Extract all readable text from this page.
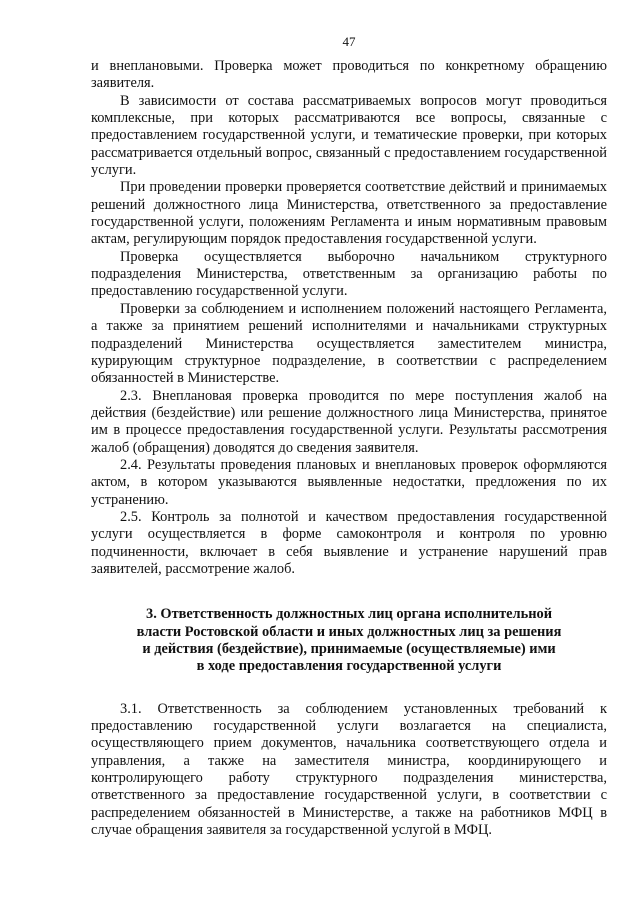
47

и внеплановыми. Проверка может проводиться по конкретному обращению заявителя.

В зависимости от состава рассматриваемых вопросов могут проводиться комплексные, при которых рассматриваются все вопросы, связанные с предоставлением государственной услуги, и тематические проверки, при которых рассматривается отдельный вопрос, связанный с предоставлением государственной услуги.

При проведении проверки проверяется соответствие действий и принимаемых решений должностного лица Министерства, ответственного за предоставление государственной услуги, положениям Регламента и иным нормативным правовым актам, регулирующим порядок предоставления государственной услуги.

Проверка осуществляется выборочно начальником структурного подразделения Министерства, ответственным за организацию работы по предоставлению государственной услуги.

Проверки за соблюдением и исполнением положений настоящего Регламента, а также за принятием решений исполнителями и начальниками структурных подразделений Министерства осуществляется заместителем министра, курирующим структурное подразделение, в соответствии с распределением обязанностей в Министерстве.

2.3. Внеплановая проверка проводится по мере поступления жалоб на действия (бездействие) или решение должностного лица Министерства, принятое им в процессе предоставления государственной услуги. Результаты рассмотрения жалоб (обращения) доводятся до сведения заявителя.

2.4. Результаты проведения плановых и внеплановых проверок оформляются актом, в котором указываются выявленные недостатки, предложения по их устранению.

2.5. Контроль за полнотой и качеством предоставления государственной услуги осуществляется в форме самоконтроля и контроля по уровню подчиненности, включает в себя выявление и устранение нарушений прав заявителей, рассмотрение жалоб.

3. Ответственность должностных лиц органа исполнительной
власти Ростовской области и иных должностных лиц за решения
и действия (бездействие), принимаемые (осуществляемые) ими
в ходе предоставления государственной услуги

3.1. Ответственность за соблюдением установленных требований к предоставлению государственной услуги возлагается на специалиста, осуществляющего прием документов, начальника соответствующего отдела и управления, а также на заместителя министра, координирующего и контролирующего работу структурного подразделения министерства, ответственного за предоставление государственной услуги, в соответствии с распределением обязанностей в Министерстве, а также на работников МФЦ в случае обращения заявителя за государственной услугой в МФЦ.
